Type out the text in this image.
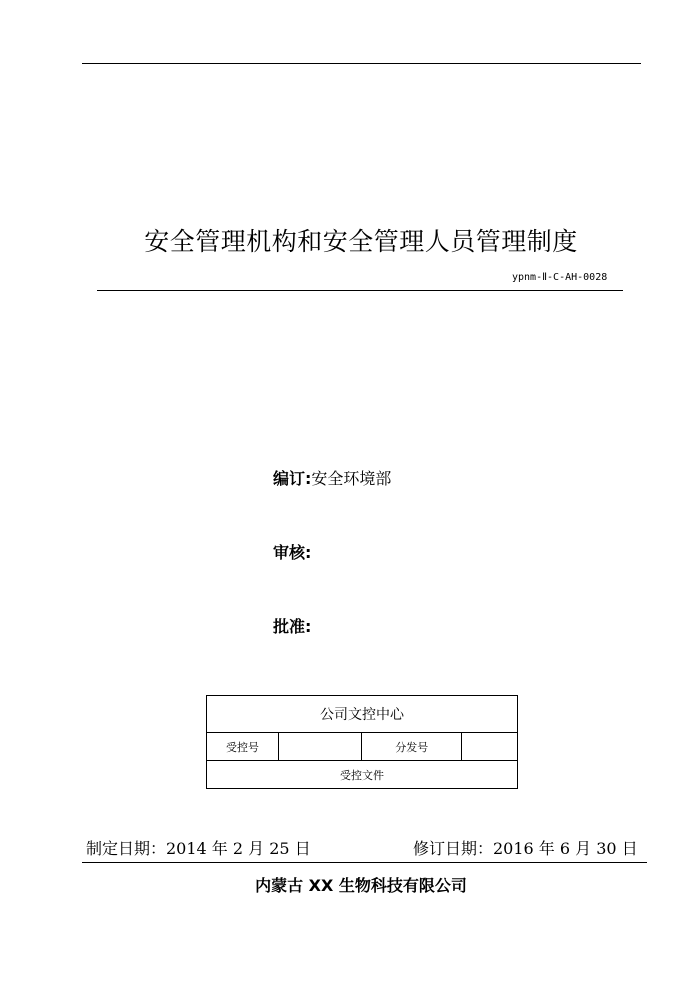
安全管理机构和安全管理人员管理制度
ypnm-Ⅱ-C-AH-0028
编订:安全环境部
审核:
批准:
公司文控中心
受控号		分发号	
受控文件
制定日期：2014 年 2 月 25 日	修订日期：2016 年 6 月 30 日
内蒙古 XX 生物科技有限公司
